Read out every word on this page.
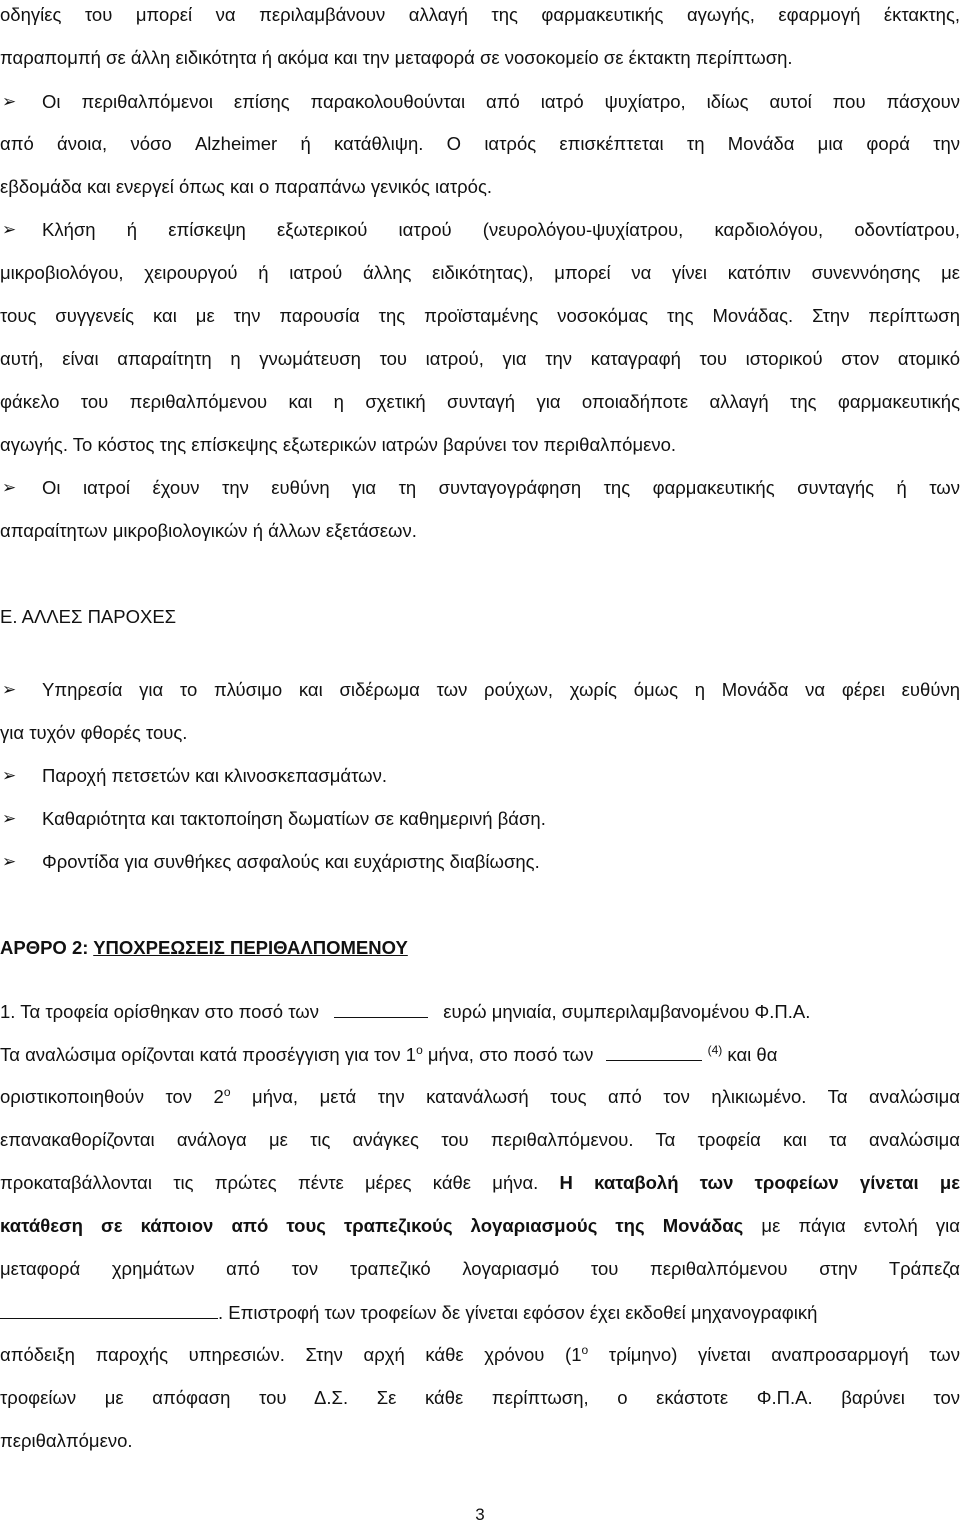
οδηγίες του μπορεί να περιλαμβάνουν αλλαγή της φαρμακευτικής αγωγής, εφαρμογή έκτακτης,
παραπομπή σε άλλη ειδικότητα ή ακόμα και την μεταφορά σε νοσοκομείο σε έκτακτη περίπτωση.
➢	Οι περιθαλπόμενοι επίσης παρακολουθούνται από ιατρό ψυχίατρο, ιδίως αυτοί που πάσχουν
από άνοια, νόσο Alzheimer ή κατάθλιψη. Ο ιατρός επισκέπτεται τη Μονάδα μια φορά την
εβδομάδα και ενεργεί όπως και ο παραπάνω γενικός ιατρός.
➢	Κλήση ή επίσκεψη εξωτερικού ιατρού (νευρολόγου-ψυχίατρου, καρδιολόγου, οδοντίατρου,
μικροβιολόγου, χειρουργού ή ιατρού άλλης ειδικότητας), μπορεί να γίνει κατόπιν συνεννόησης με
τους συγγενείς και με την παρουσία της προϊσταμένης νοσοκόμας της Μονάδας. Στην περίπτωση
αυτή, είναι απαραίτητη η γνωμάτευση του ιατρού, για την καταγραφή του ιστορικού στον ατομικό
φάκελο του περιθαλπόμενου και η σχετική συνταγή για οποιαδήποτε αλλαγή της φαρμακευτικής
αγωγής. Το κόστος της επίσκεψης εξωτερικών ιατρών βαρύνει τον περιθαλπόμενο.
➢	Οι ιατροί έχουν την ευθύνη για τη συνταγογράφηση της φαρμακευτικής συνταγής ή των
απαραίτητων μικροβιολογικών ή άλλων εξετάσεων.
Ε. ΑΛΛΕΣ ΠΑΡΟΧΕΣ
➢	Υπηρεσία για το πλύσιμο και σιδέρωμα των ρούχων, χωρίς όμως η Μονάδα να φέρει ευθύνη
για τυχόν φθορές τους.
➢	Παροχή πετσετών και κλινοσκεπασμάτων.
➢	Καθαριότητα και τακτοποίηση δωματίων σε καθημερινή βάση.
➢	Φροντίδα για συνθήκες ασφαλούς και ευχάριστης διαβίωσης.
ΑΡΘΡΟ 2: ΥΠΟΧΡΕΩΣΕΙΣ ΠΕΡΙΘΑΛΠΟΜΕΝΟΥ
1. Τα τροφεία ορίσθηκαν στο ποσό των	ευρώ μηνιαία, συμπεριλαμβανομένου Φ.Π.Α.
Τα αναλώσιμα ορίζονται κατά προσέγγιση για τον $1^o$ μήνα, στο ποσό των	$^{(4)}$ και θα
οριστικοποιηθούν τον $2^o$ μήνα, μετά την κατανάλωσή τους από τον ηλικιωμένο. Τα αναλώσιμα
επανακαθορίζονται ανάλογα με τις ανάγκες του περιθαλπόμενου. Τα τροφεία και τα αναλώσιμα
προκαταβάλλονται τις πρώτες πέντε μέρες κάθε μήνα. Η καταβολή των τροφείων γίνεται με
κατάθεση σε κάποιον από τους τραπεζικούς λογαριασμούς της Μονάδας με πάγια εντολή για
μεταφορά χρημάτων από τον τραπεζικό λογαριασμό του περιθαλπόμενου στην Τράπεζα
. Επιστροφή των τροφείων δε γίνεται εφόσον έχει εκδοθεί μηχανογραφική
απόδειξη παροχής υπηρεσιών. Στην αρχή κάθε χρόνου ($1^o$ τρίμηνο) γίνεται αναπροσαρμογή των
τροφείων με απόφαση του Δ.Σ. Σε κάθε περίπτωση, ο εκάστοτε Φ.Π.Α. βαρύνει τον
περιθαλπόμενο.
3
